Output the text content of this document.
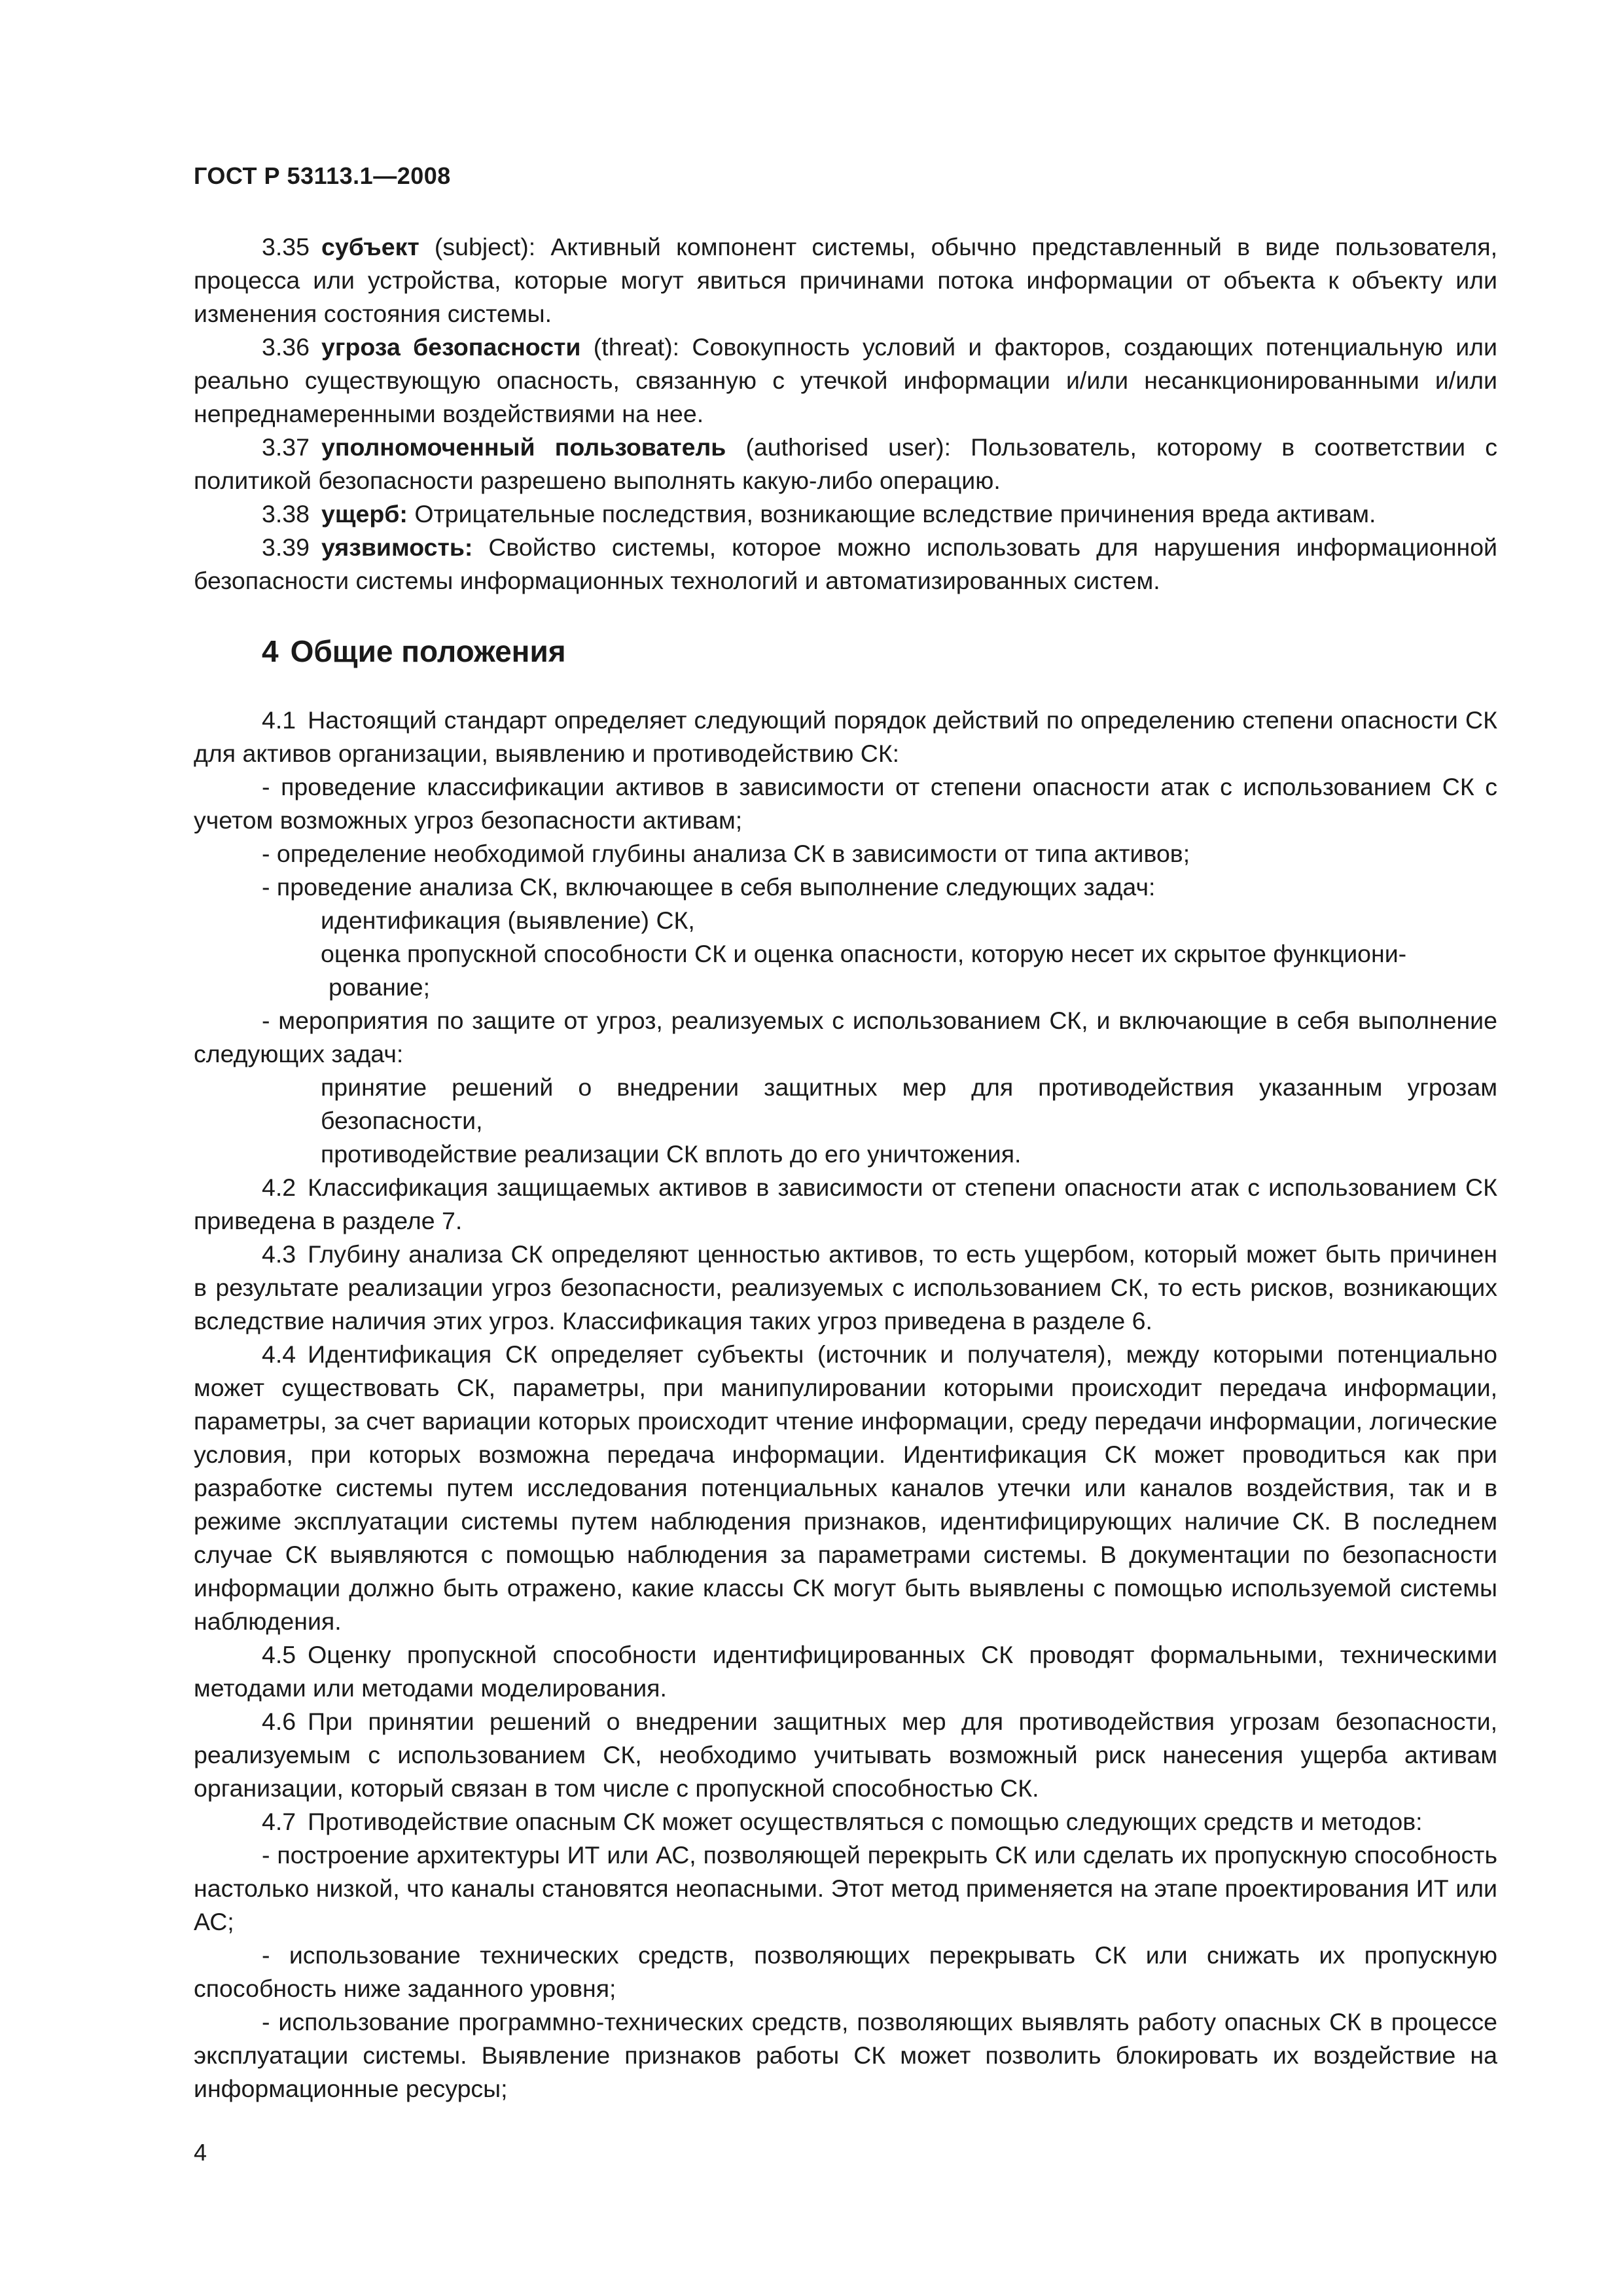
ГОСТ Р 53113.1—2008

3.35 субъект (subject): Активный компонент системы, обычно представленный в виде пользователя, процесса или устройства, которые могут явиться причинами потока информации от объекта к объекту или изменения состояния системы.

3.36 угроза безопасности (threat): Совокупность условий и факторов, создающих потенциальную или реально существующую опасность, связанную с утечкой информации и/или несанкционированными и/или непреднамеренными воздействиями на нее.

3.37 уполномоченный пользователь (authorised user): Пользователь, которому в соответствии с политикой безопасности разрешено выполнять какую-либо операцию.

3.38 ущерб: Отрицательные последствия, возникающие вследствие причинения вреда активам.

3.39 уязвимость: Свойство системы, которое можно использовать для нарушения информационной безопасности системы информационных технологий и автоматизированных систем.

4 Общие положения

4.1 Настоящий стандарт определяет следующий порядок действий по определению степени опасности СК для активов организации, выявлению и противодействию СК:

- проведение классификации активов в зависимости от степени опасности атак с использованием СК с учетом возможных угроз безопасности активам;

- определение необходимой глубины анализа СК в зависимости от типа активов;

- проведение анализа СК, включающее в себя выполнение следующих задач:

идентификация (выявление) СК,

оценка пропускной способности СК и оценка опасности, которую несет их скрытое функциони-
рование;

- мероприятия по защите от угроз, реализуемых с использованием СК, и включающие в себя выполнение следующих задач:

принятие решений о внедрении защитных мер для противодействия указанным угрозам безопасности,

противодействие реализации СК вплоть до его уничтожения.

4.2 Классификация защищаемых активов в зависимости от степени опасности атак с использованием СК приведена в разделе 7.

4.3 Глубину анализа СК определяют ценностью активов, то есть ущербом, который может быть причинен в результате реализации угроз безопасности, реализуемых с использованием СК, то есть рисков, возникающих вследствие наличия этих угроз. Классификация таких угроз приведена в разделе 6.

4.4 Идентификация СК определяет субъекты (источник и получателя), между которыми потенциально может существовать СК, параметры, при манипулировании которыми происходит передача информации, параметры, за счет вариации которых происходит чтение информации, среду передачи информации, логические условия, при которых возможна передача информации. Идентификация СК может проводиться как при разработке системы путем исследования потенциальных каналов утечки или каналов воздействия, так и в режиме эксплуатации системы путем наблюдения признаков, идентифицирующих наличие СК. В последнем случае СК выявляются с помощью наблюдения за параметрами системы. В документации по безопасности информации должно быть отражено, какие классы СК могут быть выявлены с помощью используемой системы наблюдения.

4.5 Оценку пропускной способности идентифицированных СК проводят формальными, техническими методами или методами моделирования.

4.6 При принятии решений о внедрении защитных мер для противодействия угрозам безопасности, реализуемым с использованием СК, необходимо учитывать возможный риск нанесения ущерба активам организации, который связан в том числе с пропускной способностью СК.

4.7 Противодействие опасным СК может осуществляться с помощью следующих средств и методов:

- построение архитектуры ИТ или АС, позволяющей перекрыть СК или сделать их пропускную способность настолько низкой, что каналы становятся неопасными. Этот метод применяется на этапе проектирования ИТ или АС;

- использование технических средств, позволяющих перекрывать СК или снижать их пропускную способность ниже заданного уровня;

- использование программно-технических средств, позволяющих выявлять работу опасных СК в процессе эксплуатации системы. Выявление признаков работы СК может позволить блокировать их воздействие на информационные ресурсы;

4
